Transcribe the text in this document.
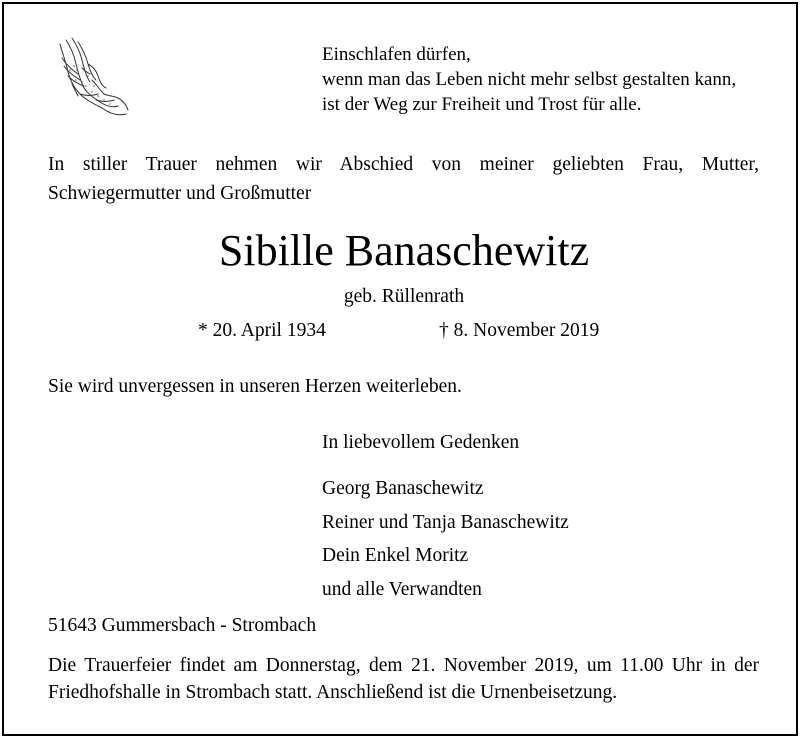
Einschlafen dürfen,
wenn man das Leben nicht mehr selbst gestalten kann,
ist der Weg zur Freiheit und Trost für alle.
In stiller Trauer nehmen wir Abschied von meiner geliebten Frau, Mutter, Schwiegermutter und Großmutter
Sibille Banaschewitz
geb. Rüllenrath
* 20. April 1934	† 8. November 2019
Sie wird unvergessen in unseren Herzen weiterleben.
In liebevollem Gedenken
Georg Banaschewitz
Reiner und Tanja Banaschewitz
Dein Enkel Moritz
und alle Verwandten
51643 Gummersbach - Strombach
Die Trauerfeier findet am Donnerstag, dem 21. November 2019, um 11.00 Uhr in der Friedhofshalle in Strombach statt. Anschließend ist die Urnenbeisetzung.
